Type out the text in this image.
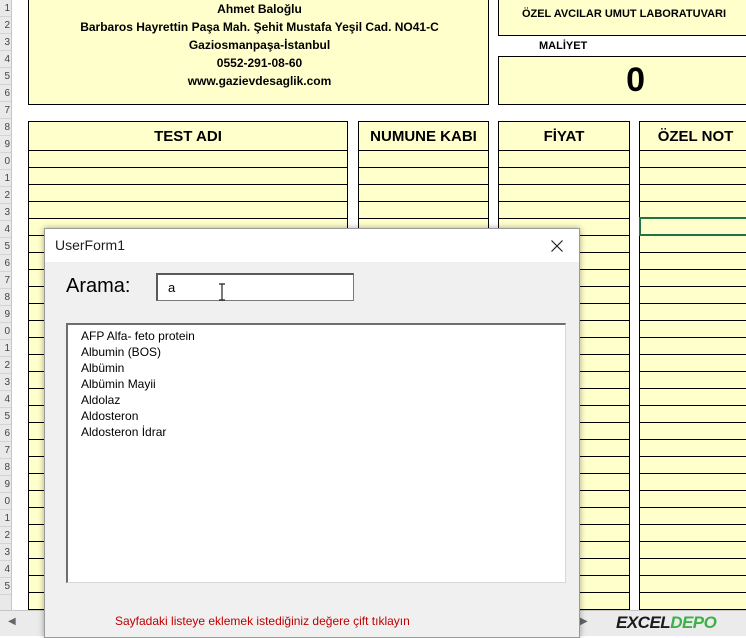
1
2
3
4
5
6
7
8
9
0
1
2
3
4
5
6
7
8
9
0
1
2
3
4
5
6
7
8
9
0
1
2
3
4
5
Ahmet Baloğlu
Barbaros Hayrettin Paşa Mah. Şehit Mustafa Yeşil Cad. NO41-C
Gaziosmanpaşa-İstanbul
0552-291-08-60
www.gazievdesaglik.com
ÖZEL AVCILAR UMUT LABORATUVARI
MALİYET
0
TEST ADI	NUMUNE KABI	FİYAT	ÖZEL NOT
◀	▶ EXCELDEPO
UserForm1
Arama:
a
AFP Alfa- feto protein
Albumin (BOS)
Albümin
Albümin Mayii
Aldolaz
Aldosteron
Aldosteron İdrar
Sayfadaki listeye eklemek istediğiniz değere çift tıklayın
